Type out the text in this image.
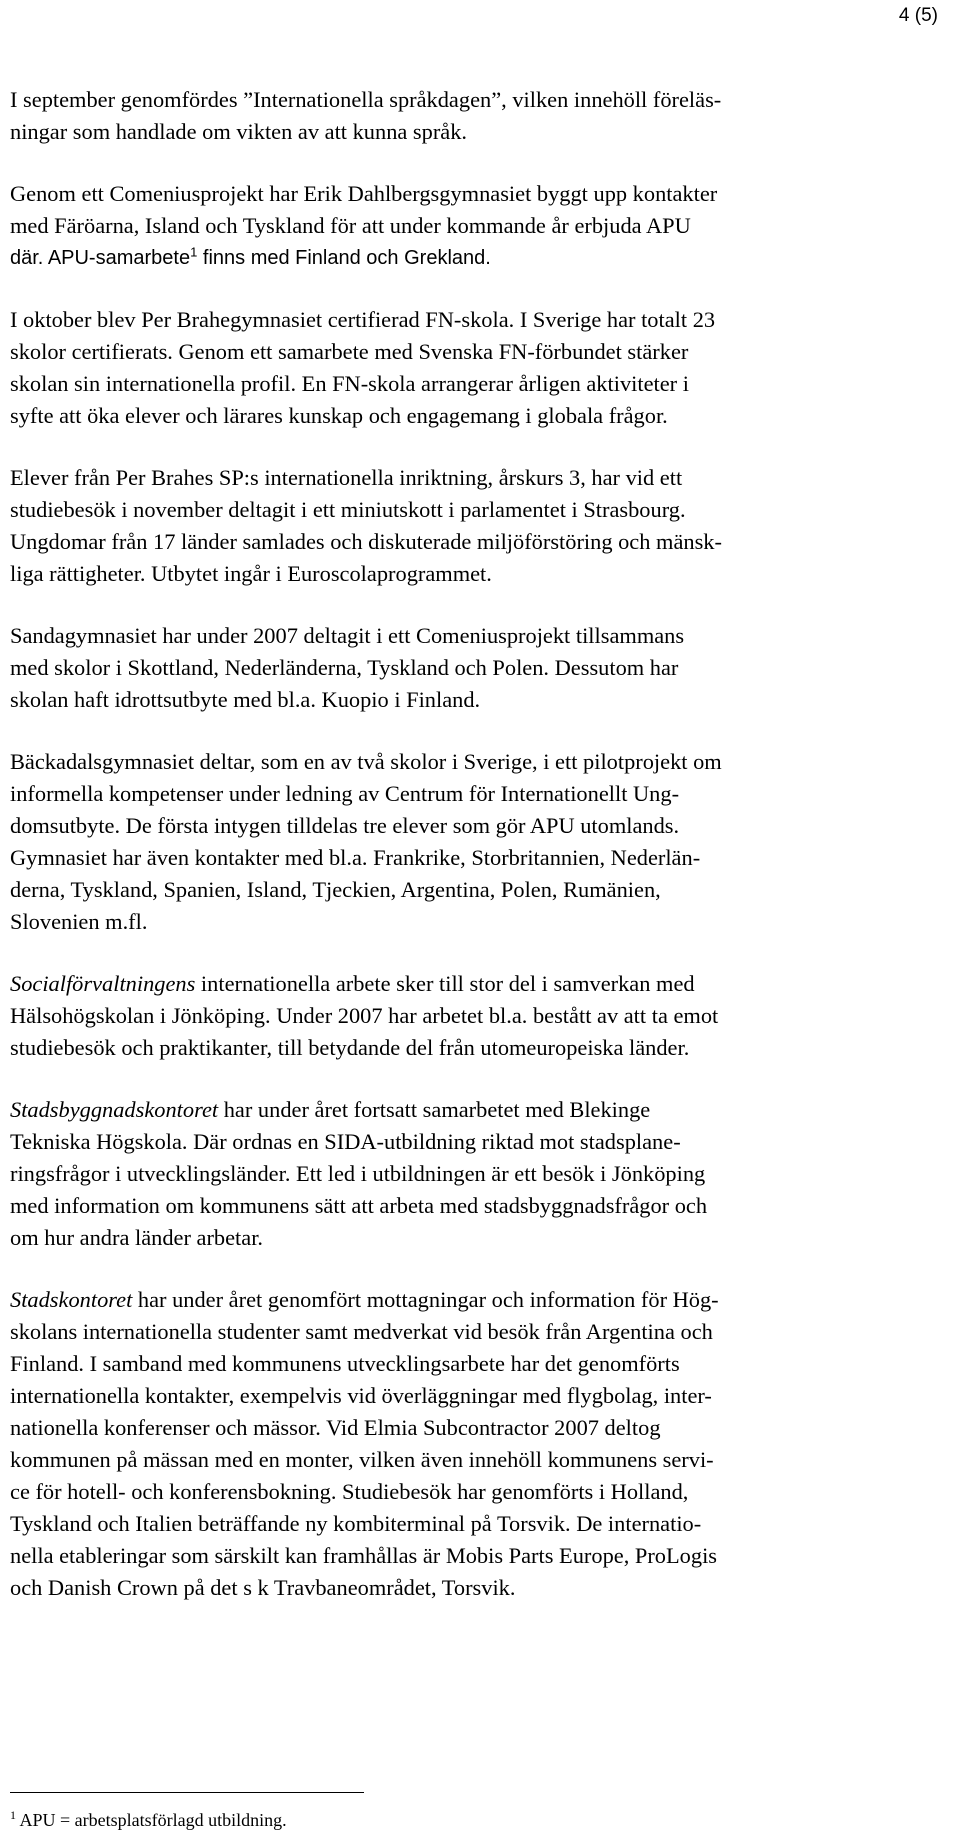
4 (5)

I september genomfördes ”Internationella språkdagen”, vilken innehöll föreläs-
ningar som handlade om vikten av att kunna språk.

Genom ett Comeniusprojekt har Erik Dahlbergsgymnasiet byggt upp kontakter
med Färöarna, Island och Tyskland för att under kommande år erbjuda APU
där. APU-samarbete$^1$ finns med Finland och Grekland.

I oktober blev Per Brahegymnasiet certifierad FN-skola. I Sverige har totalt 23
skolor certifierats. Genom ett samarbete med Svenska FN-förbundet stärker
skolan sin internationella profil. En FN-skola arrangerar årligen aktiviteter i
syfte att öka elever och lärares kunskap och engagemang i globala frågor.

Elever från Per Brahes SP:s internationella inriktning, årskurs 3, har vid ett
studiebesök i november deltagit i ett miniutskott i parlamentet i Strasbourg.
Ungdomar från 17 länder samlades och diskuterade miljöförstöring och mänsk-
liga rättigheter. Utbytet ingår i Euroscolaprogrammet.

Sandagymnasiet har under 2007 deltagit i ett Comeniusprojekt tillsammans
med skolor i Skottland, Nederländerna, Tyskland och Polen. Dessutom har
skolan haft idrottsutbyte med bl.a. Kuopio i Finland.

Bäckadalsgymnasiet deltar, som en av två skolor i Sverige, i ett pilotprojekt om
informella kompetenser under ledning av Centrum för Internationellt Ung-
domsutbyte. De första intygen tilldelas tre elever som gör APU utomlands.
Gymnasiet har även kontakter med bl.a. Frankrike, Storbritannien, Nederlän-
derna, Tyskland, Spanien, Island, Tjeckien, Argentina, Polen, Rumänien,
Slovenien m.fl.

Socialförvaltningens internationella arbete sker till stor del i samverkan med
Hälsohögskolan i Jönköping. Under 2007 har arbetet bl.a. bestått av att ta emot
studiebesök och praktikanter, till betydande del från utomeuropeiska länder.

Stadsbyggnadskontoret har under året fortsatt samarbetet med Blekinge
Tekniska Högskola. Där ordnas en SIDA-utbildning riktad mot stadsplane-
ringsfrågor i utvecklingsländer. Ett led i utbildningen är ett besök i Jönköping
med information om kommunens sätt att arbeta med stadsbyggnadsfrågor och
om hur andra länder arbetar.

Stadskontoret har under året genomfört mottagningar och information för Hög-
skolans internationella studenter samt medverkat vid besök från Argentina och
Finland. I samband med kommunens utvecklingsarbete har det genomförts
internationella kontakter, exempelvis vid överläggningar med flygbolag, inter-
nationella konferenser och mässor. Vid Elmia Subcontractor 2007 deltog
kommunen på mässan med en monter, vilken även innehöll kommunens servi-
ce för hotell- och konferensbokning. Studiebesök har genomförts i Holland,
Tyskland och Italien beträffande ny kombiterminal på Torsvik. De internatio-
nella etableringar som särskilt kan framhållas är Mobis Parts Europe, ProLogis
och Danish Crown på det s k Travbaneområdet, Torsvik.

$^1$ APU = arbetsplatsförlagd utbildning.
